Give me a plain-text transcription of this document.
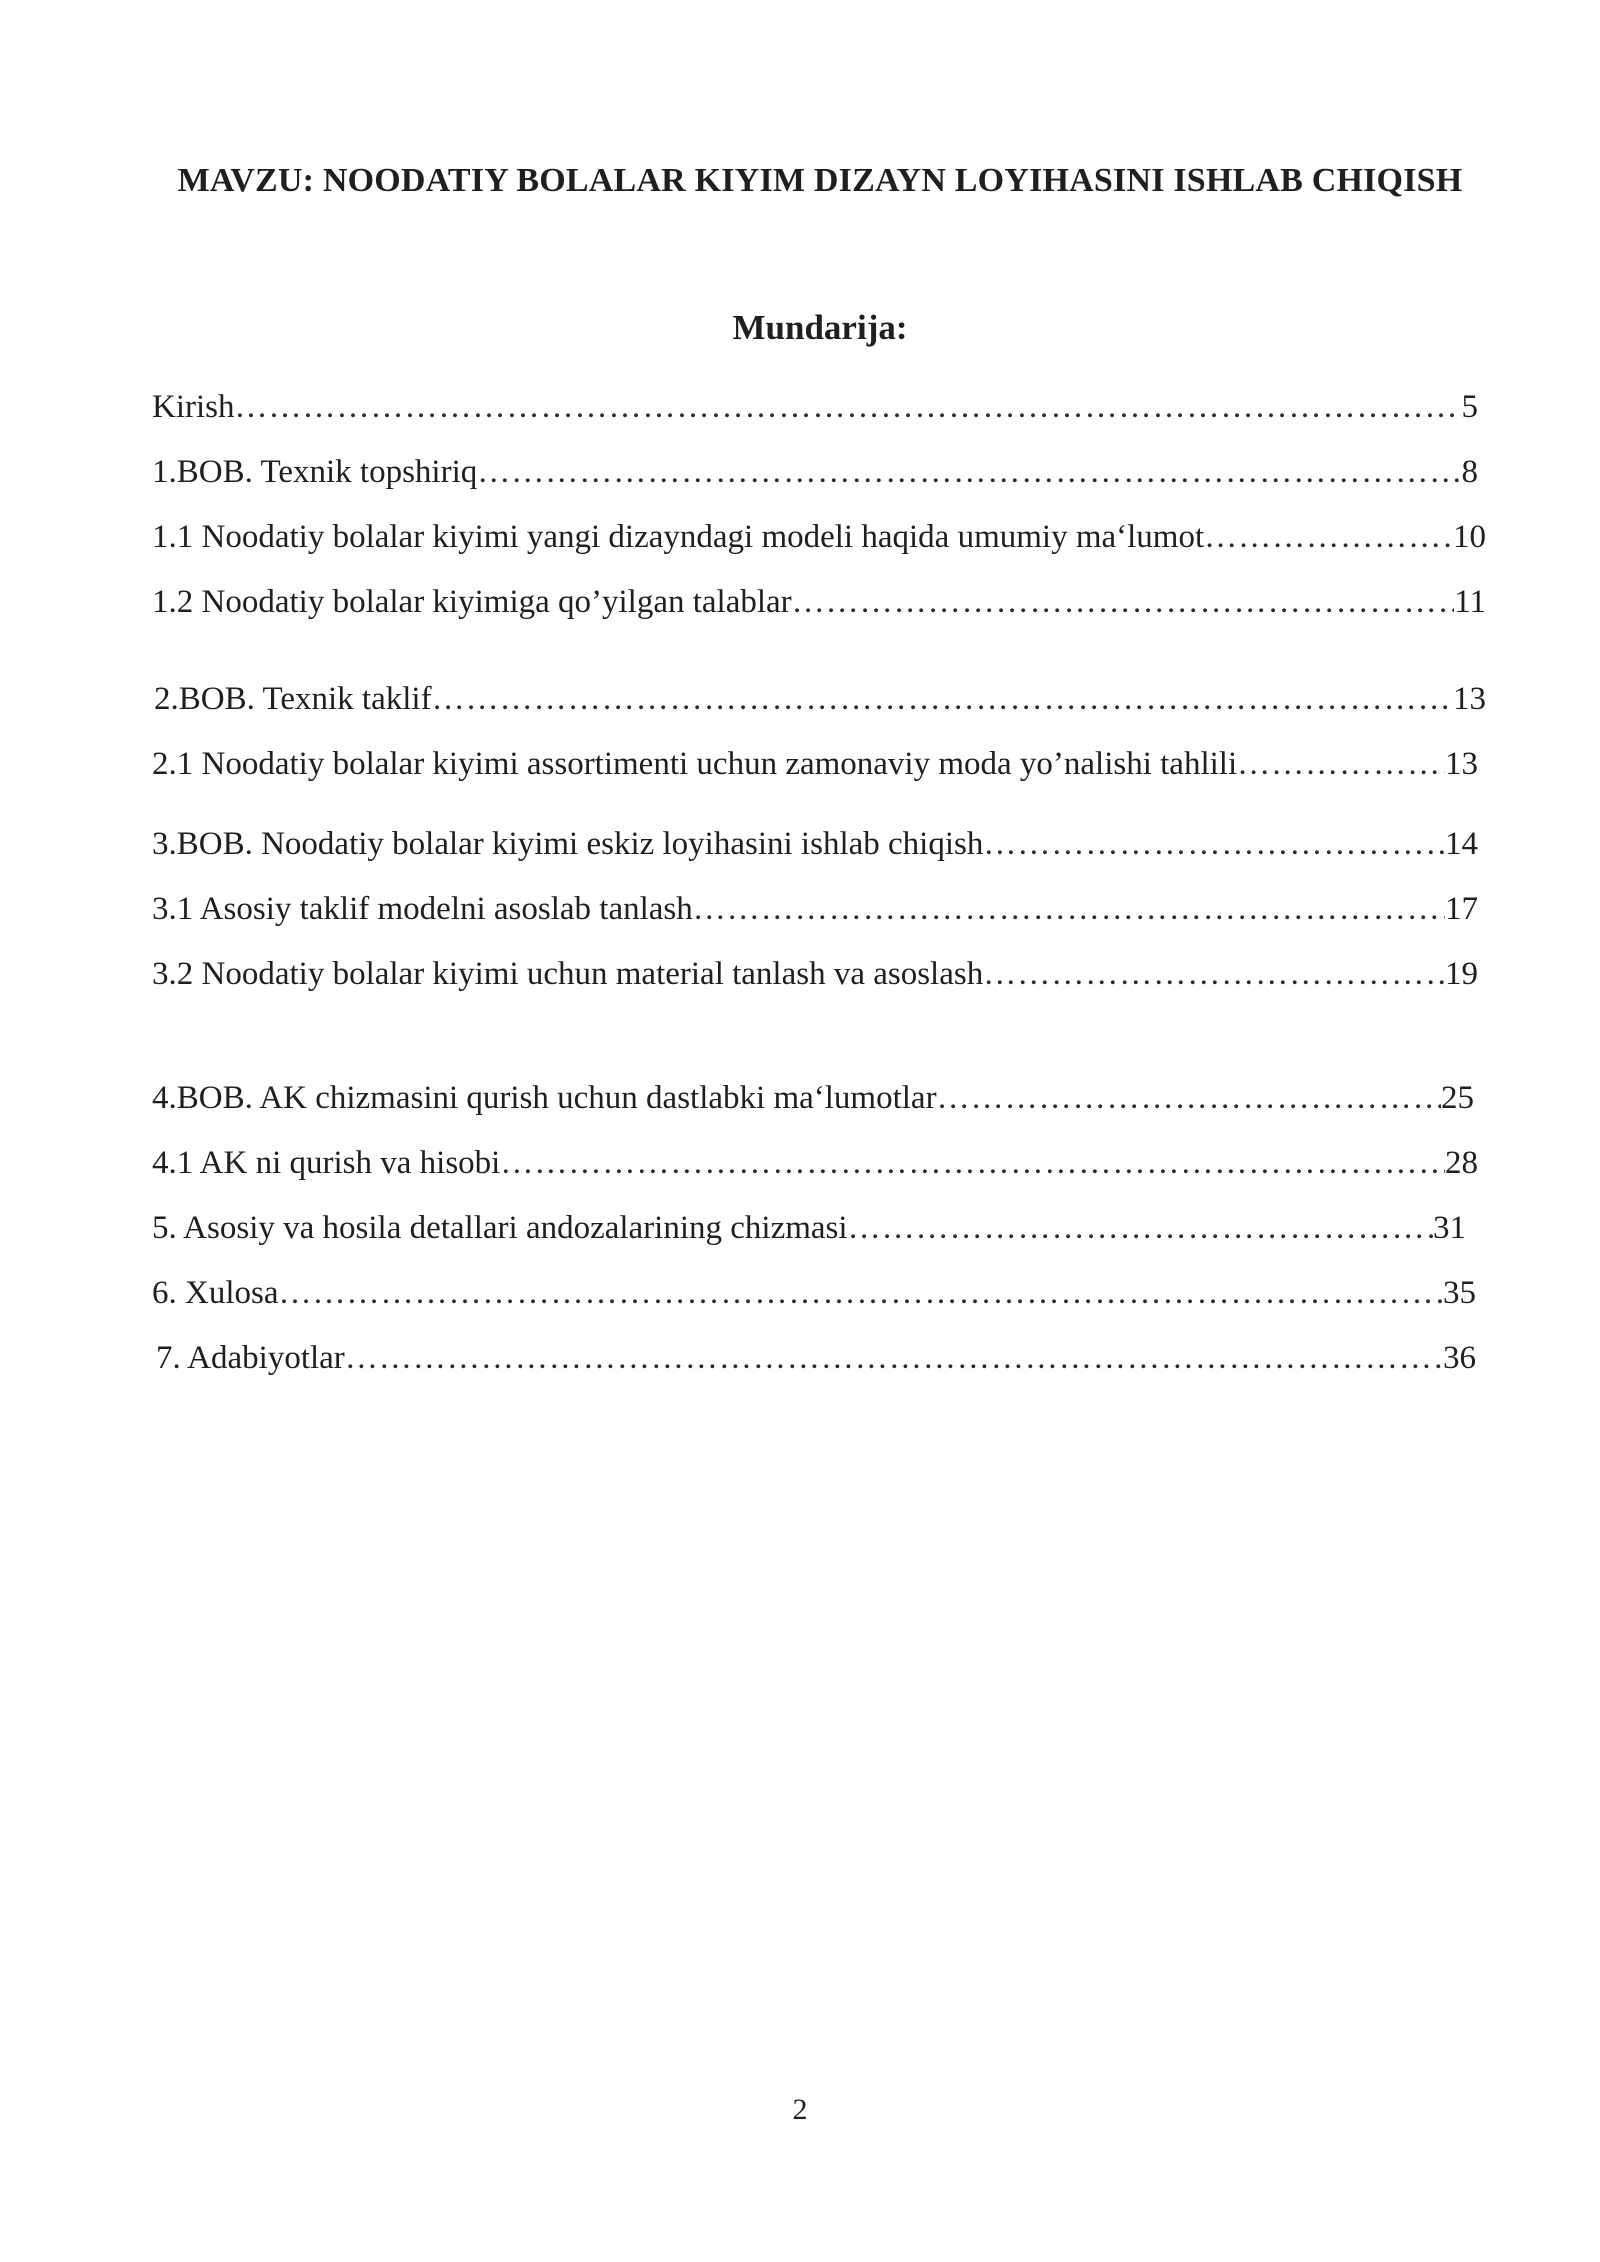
MAVZU: NOODATIY BOLALAR KIYIM DIZAYN LOYIHASINI ISHLAB CHIQISH
Mundarija:
Kirish …………………………………………………………………………………………………………………………………………………………………………………………………………	5
1.BOB. Texnik topshiriq …………………………………………………………………………………………………………………………………………………………………………………………………………	8
1.1 Noodatiy bolalar kiyimi yangi dizayndagi modeli haqida umumiy ma‘lumot …………………………………………………………………………………………………………………………………………………………………………………………………………	10
1.2 Noodatiy bolalar kiyimiga qo’yilgan talablar …………………………………………………………………………………………………………………………………………………………………………………………………………	11
2.BOB. Texnik taklif …………………………………………………………………………………………………………………………………………………………………………………………………………	13
2.1 Noodatiy bolalar kiyimi assortimenti uchun zamonaviy moda yo’nalishi tahlili …………………………………………………………………………………………………………………………………………………………………………………………………………	13
3.BOB. Noodatiy bolalar kiyimi eskiz loyihasini ishlab chiqish …………………………………………………………………………………………………………………………………………………………………………………………………………	14
3.1 Asosiy taklif modelni asoslab tanlash …………………………………………………………………………………………………………………………………………………………………………………………………………	17
3.2 Noodatiy bolalar kiyimi uchun material tanlash va asoslash …………………………………………………………………………………………………………………………………………………………………………………………………………	19
4.BOB. AK chizmasini qurish uchun dastlabki ma‘lumotlar …………………………………………………………………………………………………………………………………………………………………………………………………………	25
4.1 AK ni qurish va hisobi …………………………………………………………………………………………………………………………………………………………………………………………………………	28
5. Asosiy va hosila detallari andozalarining chizmasi …………………………………………………………………………………………………………………………………………………………………………………………………………	31
6. Xulosa …………………………………………………………………………………………………………………………………………………………………………………………………………	35
7. Adabiyotlar …………………………………………………………………………………………………………………………………………………………………………………………………………	36
2
